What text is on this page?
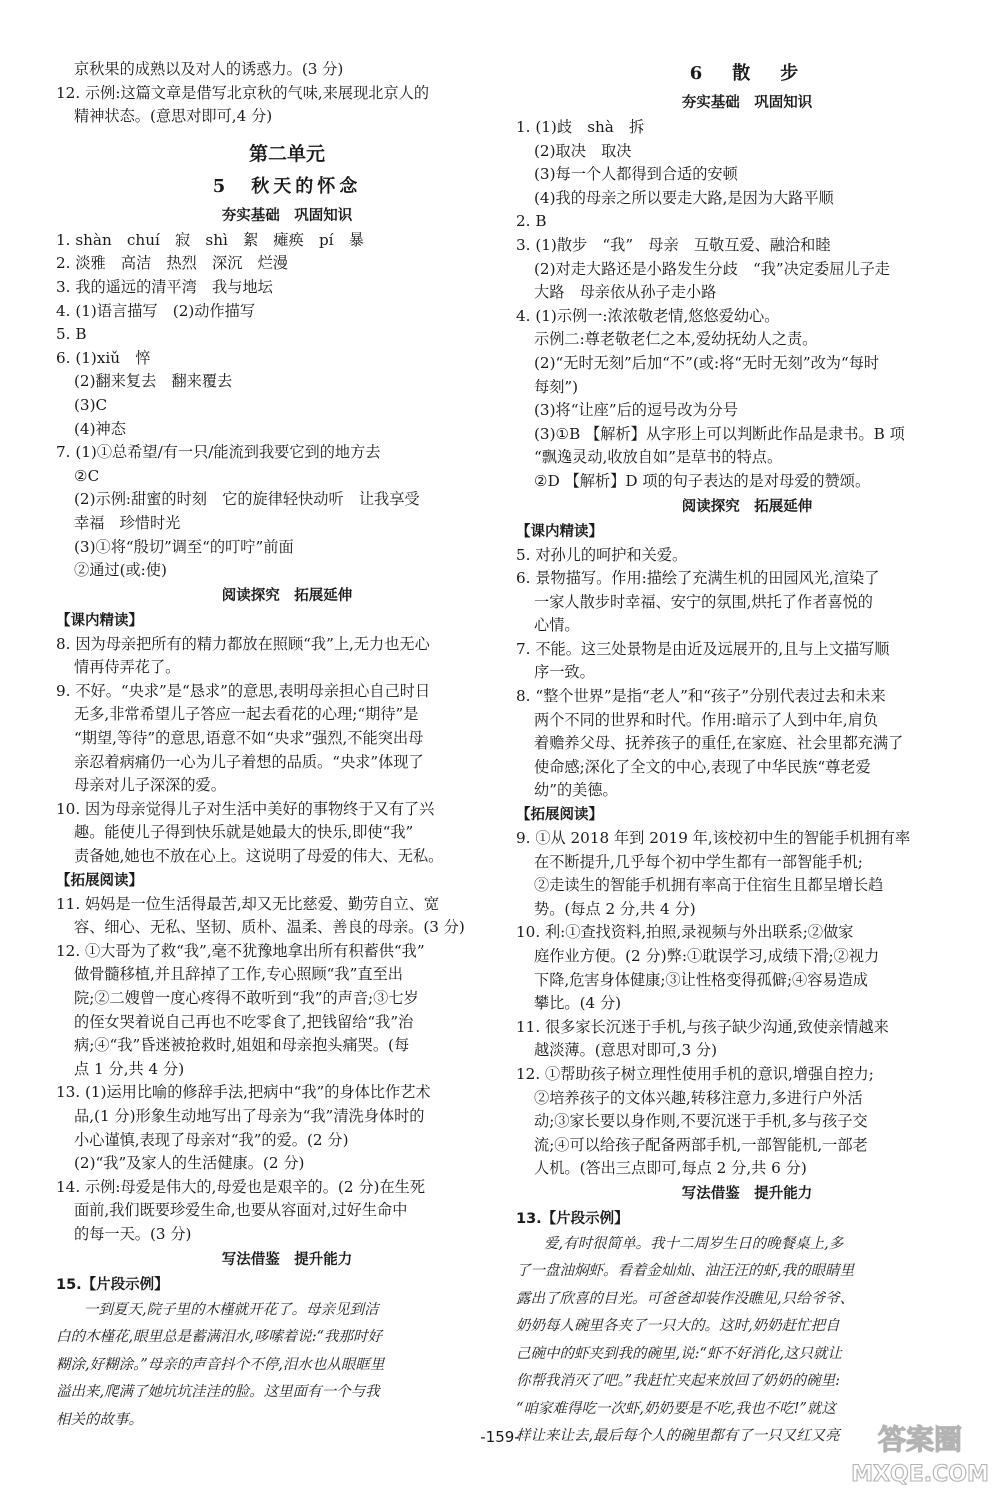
京秋果的成熟以及对人的诱惑力。(3 分)
12. 示例:这篇文章是借写北京秋的气味,来展现北京人的
精神状态。(意思对即可,4 分)
第二单元
5　秋天的怀念
夯实基础　巩固知识
1. shàn　chuí　寂　shì　絮　瘫痪　pí　暴
2. 淡雅　高洁　热烈　深沉　烂漫
3. 我的遥远的清平湾　我与地坛
4. (1)语言描写　(2)动作描写
5. B
6. (1)xiǔ　悴
(2)翻来复去　翻来覆去
(3)C
(4)神态
7. (1)①总希望/有一只/能流到我要它到的地方去
②C
(2)示例:甜蜜的时刻　它的旋律轻快动听　让我享受
幸福　珍惜时光
(3)①将“殷切”调至“的叮咛”前面
②通过(或:使)
阅读探究　拓展延伸
【课内精读】
8. 因为母亲把所有的精力都放在照顾“我”上,无力也无心
情再侍弄花了。
9. 不好。“央求”是“恳求”的意思,表明母亲担心自己时日
无多,非常希望儿子答应一起去看花的心理;“期待”是
“期望,等待”的意思,语意不如“央求”强烈,不能突出母
亲忍着病痛仍一心为儿子着想的品质。“央求”体现了
母亲对儿子深深的爱。
10. 因为母亲觉得儿子对生活中美好的事物终于又有了兴
趣。能使儿子得到快乐就是她最大的快乐,即使“我”
责备她,她也不放在心上。这说明了母爱的伟大、无私。
【拓展阅读】
11. 妈妈是一位生活得最苦,却又无比慈爱、勤劳自立、宽
容、细心、无私、坚韧、质朴、温柔、善良的母亲。(3 分)
12. ①大哥为了救“我”,毫不犹豫地拿出所有积蓄供“我”
做骨髓移植,并且辞掉了工作,专心照顾“我”直至出
院;②二嫂曾一度心疼得不敢听到“我”的声音;③七岁
的侄女哭着说自己再也不吃零食了,把钱留给“我”治
病;④“我”昏迷被抢救时,姐姐和母亲抱头痛哭。(每
点 1 分,共 4 分)
13. (1)运用比喻的修辞手法,把病中“我”的身体比作艺术
品,(1 分)形象生动地写出了母亲为“我”清洗身体时的
小心谨慎,表现了母亲对“我”的爱。(2 分)
(2)“我”及家人的生活健康。(2 分)
14. 示例:母爱是伟大的,母爱也是艰辛的。(2 分)在生死
面前,我们既要珍爱生命,也要从容面对,过好生命中
的每一天。(3 分)
写法借鉴　提升能力
15.【片段示例】
一到夏天,院子里的木槿就开花了。母亲见到洁
白的木槿花,眼里总是蓄满泪水,哆嗦着说:“我那时好
糊涂,好糊涂。”母亲的声音抖个不停,泪水也从眼眶里
溢出来,爬满了她坑坑洼洼的脸。这里面有一个与我
相关的故事。
6　散　步
夯实基础　巩固知识
1. (1)歧　shà　拆
(2)取决　取决
(3)每一个人都得到合适的安顿
(4)我的母亲之所以要走大路,是因为大路平顺
2. B
3. (1)散步　“我”　母亲　互敬互爱、融洽和睦
(2)对走大路还是小路发生分歧　“我”决定委屈儿子走
大路　母亲依从孙子走小路
4. (1)示例一:浓浓敬老情,悠悠爱幼心。
示例二:尊老敬老仁之本,爱幼抚幼人之责。
(2)“无时无刻”后加“不”(或:将“无时无刻”改为“每时
每刻”)
(3)将“让座”后的逗号改为分号
(3)①B 【解析】从字形上可以判断此作品是隶书。B 项
“飘逸灵动,收放自如”是草书的特点。
②D 【解析】D 项的句子表达的是对母爱的赞颂。
阅读探究　拓展延伸
【课内精读】
5. 对孙儿的呵护和关爱。
6. 景物描写。作用:描绘了充满生机的田园风光,渲染了
一家人散步时幸福、安宁的氛围,烘托了作者喜悦的
心情。
7. 不能。这三处景物是由近及远展开的,且与上文描写顺
序一致。
8. “整个世界”是指“老人”和“孩子”分别代表过去和未来
两个不同的世界和时代。作用:暗示了人到中年,肩负
着赡养父母、抚养孩子的重任,在家庭、社会里都充满了
使命感;深化了全文的中心,表现了中华民族“尊老爱
幼”的美德。
【拓展阅读】
9. ①从 2018 年到 2019 年,该校初中生的智能手机拥有率
在不断提升,几乎每个初中学生都有一部智能手机;
②走读生的智能手机拥有率高于住宿生且都呈增长趋
势。(每点 2 分,共 4 分)
10. 利:①查找资料,拍照,录视频与外出联系;②做家
庭作业方便。(2 分)弊:①耽误学习,成绩下滑;②视力
下降,危害身体健康;③让性格变得孤僻;④容易造成
攀比。(4 分)
11. 很多家长沉迷于手机,与孩子缺少沟通,致使亲情越来
越淡薄。(意思对即可,3 分)
12. ①帮助孩子树立理性使用手机的意识,增强自控力;
②培养孩子的文体兴趣,转移注意力,多进行户外活
动;③家长要以身作则,不要沉迷于手机,多与孩子交
流;④可以给孩子配备两部手机,一部智能机,一部老
人机。(答出三点即可,每点 2 分,共 6 分)
写法借鉴　提升能力
13.【片段示例】
爱,有时很简单。我十二周岁生日的晚餐桌上,多
了一盘油焖虾。看着金灿灿、油汪汪的虾,我的眼睛里
露出了欣喜的目光。可爸爸却装作没瞧见,只给爷爷、
奶奶每人碗里各夹了一只大的。这时,奶奶赶忙把自
己碗中的虾夹到我的碗里,说:“虾不好消化,这只就让
你帮我消灭了吧。”我赶忙夹起来放回了奶奶的碗里:
“咱家难得吃一次虾,奶奶要是不吃,我也不吃!”就这
样让来让去,最后每个人的碗里都有了一只又红又亮
-159-	答案圈
MXQE.COM
